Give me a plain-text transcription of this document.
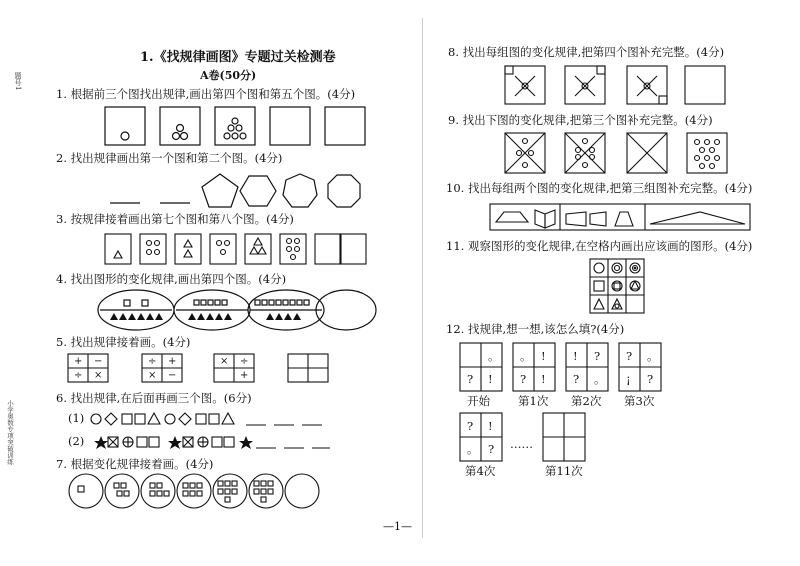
题号1
小学奥数专项突破训练
1.《找规律画图》专题过关检测卷
A卷(50分)
—1—
1. 根据前三个图找出规律,画出第四个图和第五个图。(4分)
2. 找出规律画出第一个图和第二个图。(4分)
3. 按规律接着画出第七个图和第八个图。(4分)
4. 找出图形的变化规律,画出第四个图。(4分)
5. 找出规律接着画。(4分)
+ −
÷ ×
÷ +
× −
× ÷
+
6. 找出规律,在后面再画三个图。(6分)
(1)
(2)
7. 根据变化规律接着画。(4分)
8. 找出每组图的变化规律,把第四个图补充完整。(4分)
9. 找出下图的变化规律,把第三个图补充完整。(4分)
10. 找出每组两个图的变化规律,把第三组图补充完整。(4分)
11. 观察图形的变化规律,在空格内画出应该画的图形。(4分)
12. 找规律,想一想,该怎么填?(4分)
。
? !
。 !
? !
! ?
? 。
? 。
¡ ?
? !
。 ? ……
开始 第1次 第2次 第3次
第4次	第11次
